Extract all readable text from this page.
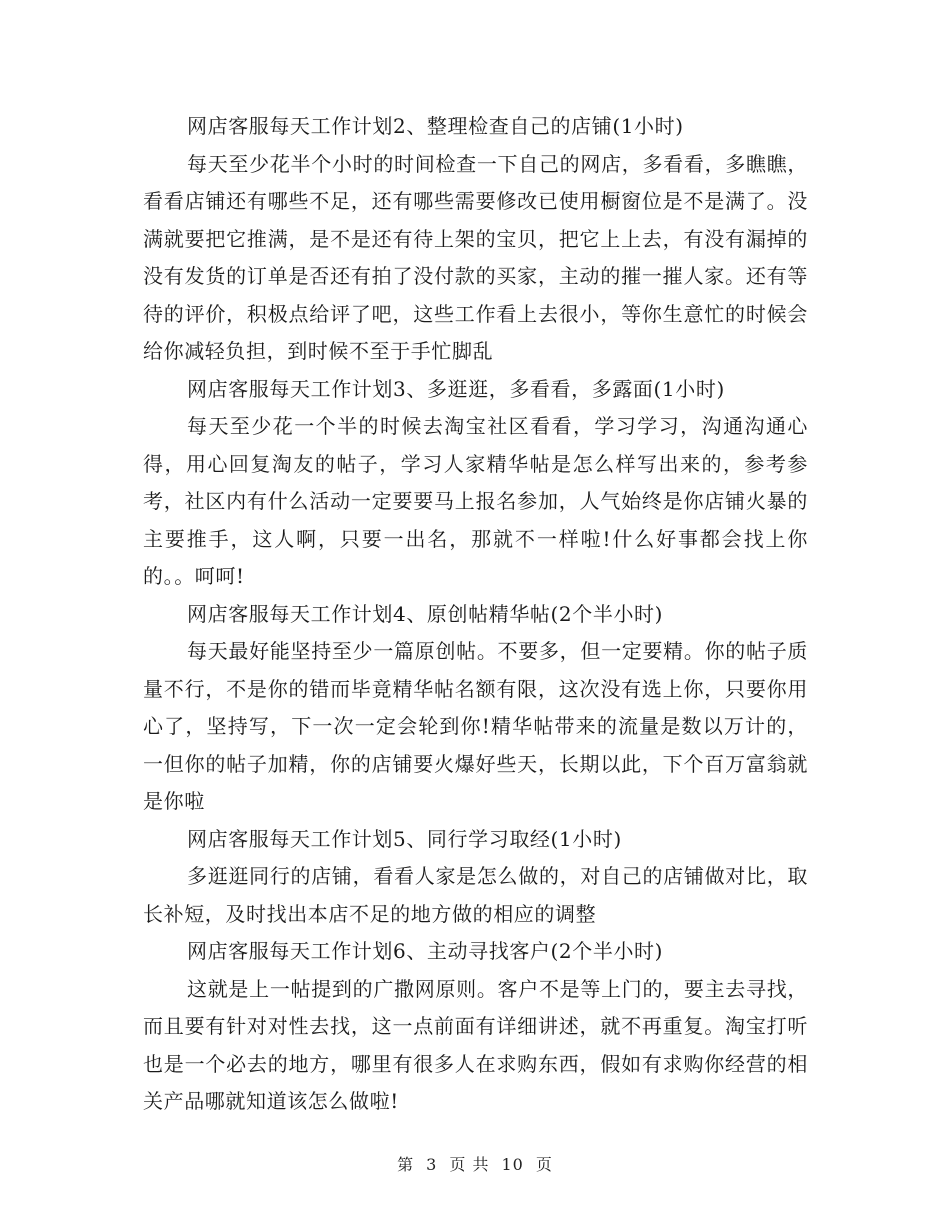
网店客服每天工作计划2、整理检查自己的店铺(1小时)

每天至少花半个小时的时间检查一下自己的网店，多看看，多瞧瞧，看看店铺还有哪些不足，还有哪些需要修改已使用橱窗位是不是满了。没满就要把它推满，是不是还有待上架的宝贝，把它上上去，有没有漏掉的没有发货的订单是否还有拍了没付款的买家，主动的摧一摧人家。还有等待的评价，积极点给评了吧，这些工作看上去很小，等你生意忙的时候会给你减轻负担，到时候不至于手忙脚乱

网店客服每天工作计划3、多逛逛，多看看，多露面(1小时)

每天至少花一个半的时候去淘宝社区看看，学习学习，沟通沟通心得，用心回复淘友的帖子，学习人家精华帖是怎么样写出来的，参考参考，社区内有什么活动一定要要马上报名参加，人气始终是你店铺火暴的主要推手，这人啊，只要一出名，那就不一样啦!什么好事都会找上你的。。呵呵!

网店客服每天工作计划4、原创帖精华帖(2个半小时)

每天最好能坚持至少一篇原创帖。不要多，但一定要精。你的帖子质量不行，不是你的错而毕竟精华帖名额有限，这次没有选上你，只要你用心了，坚持写，下一次一定会轮到你!精华帖带来的流量是数以万计的，一但你的帖子加精，你的店铺要火爆好些天，长期以此，下个百万富翁就是你啦

网店客服每天工作计划5、同行学习取经(1小时)

多逛逛同行的店铺，看看人家是怎么做的，对自己的店铺做对比，取长补短，及时找出本店不足的地方做的相应的调整

网店客服每天工作计划6、主动寻找客户(2个半小时)

这就是上一帖提到的广撒网原则。客户不是等上门的，要主去寻找，而且要有针对对性去找，这一点前面有详细讲述，就不再重复。淘宝打听也是一个必去的地方，哪里有很多人在求购东西，假如有求购你经营的相关产品哪就知道该怎么做啦!

第 3 页 共 10 页
